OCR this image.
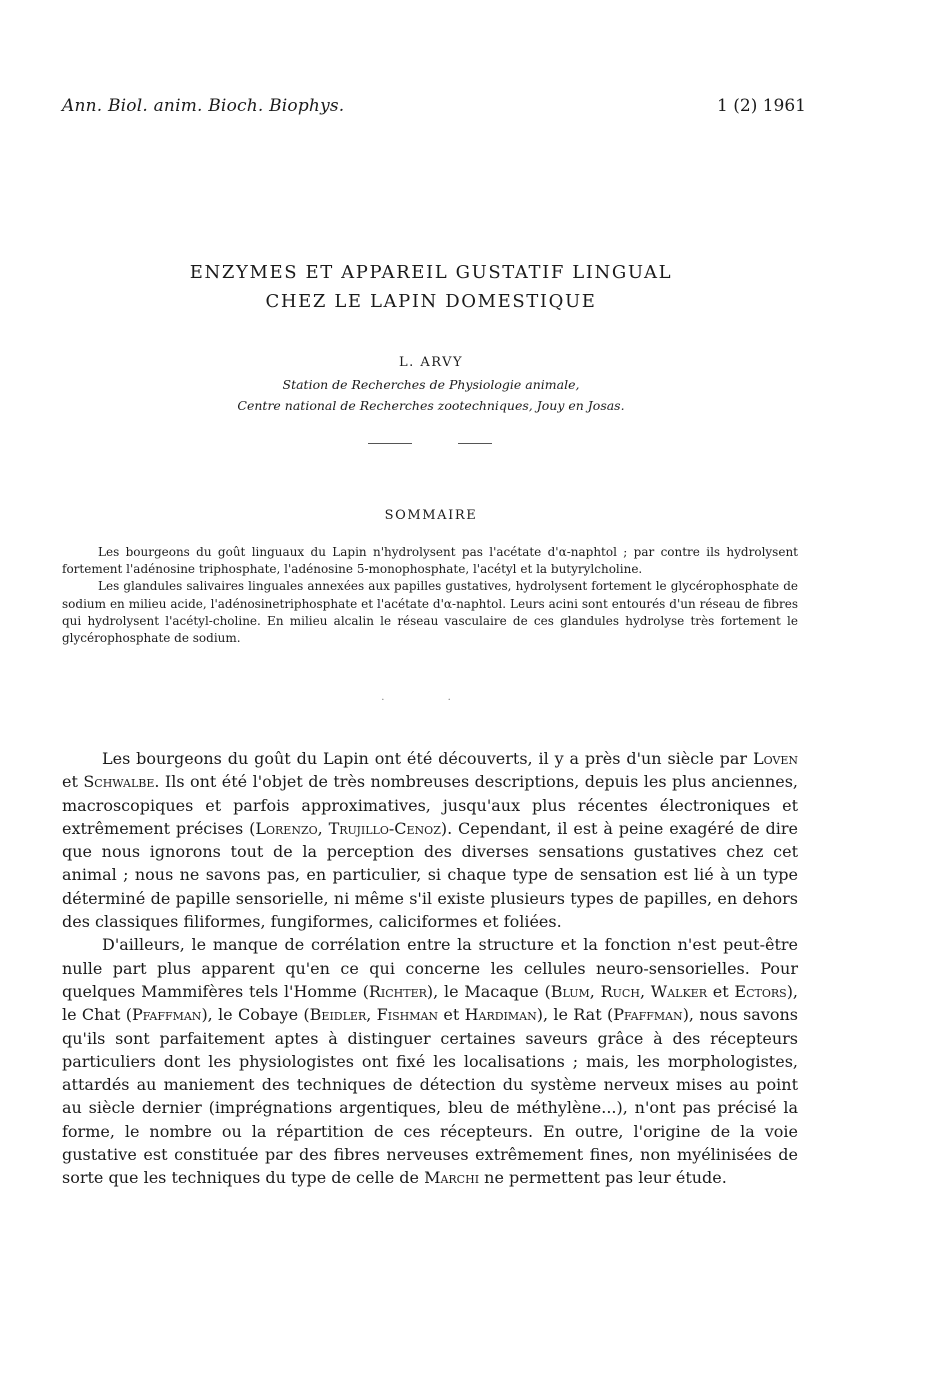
Ann. Biol. anim. Bioch. Biophys.	1 (2) 1961
ENZYMES ET APPAREIL GUSTATIF LINGUAL
CHEZ LE LAPIN DOMESTIQUE
L. ARVY
Station de Recherches de Physiologie animale,
Centre national de Recherches zootechniques, Jouy en Josas.
SOMMAIRE

Les bourgeons du goût linguaux du Lapin n'hydrolysent pas l'acétate d'α-naphtol ; par contre ils hydrolysent fortement l'adénosine triphosphate, l'adénosine 5-monophosphate, l'acétyl et la butyrylcholine.

Les glandules salivaires linguales annexées aux papilles gustatives, hydrolysent fortement le glycérophosphate de sodium en milieu acide, l'adénosinetriphosphate et l'acétate d'α-naphtol. Leurs acini sont entourés d'un réseau de fibres qui hydrolysent l'acétyl-choline. En milieu alcalin le réseau vasculaire de ces glandules hydrolyse très fortement le glycérophosphate de sodium.

. .

Les bourgeons du goût du Lapin ont été découverts, il y a près d'un siècle par Loven et Schwalbe. Ils ont été l'objet de très nombreuses descriptions, depuis les plus anciennes, macroscopiques et parfois approximatives, jusqu'aux plus récentes électroniques et extrêmement précises (Lorenzo, Trujillo-Cenoz). Cependant, il est à peine exagéré de dire que nous ignorons tout de la perception des diverses sensations gustatives chez cet animal ; nous ne savons pas, en particulier, si chaque type de sensation est lié à un type déterminé de papille sensorielle, ni même s'il existe plusieurs types de papilles, en dehors des classiques filiformes, fungiformes, caliciformes et foliées.

D'ailleurs, le manque de corrélation entre la structure et la fonction n'est peut-être nulle part plus apparent qu'en ce qui concerne les cellules neuro-sensorielles. Pour quelques Mammifères tels l'Homme (Richter), le Macaque (Blum, Ruch, Walker et Ectors), le Chat (Pfaffman), le Cobaye (Beidler, Fishman et Hardiman), le Rat (Pfaffman), nous savons qu'ils sont parfaitement aptes à distinguer certaines saveurs grâce à des récepteurs particuliers dont les physiologistes ont fixé les localisations ; mais, les morphologistes, attardés au maniement des techniques de détection du système nerveux mises au point au siècle dernier (imprégnations argentiques, bleu de méthylène...), n'ont pas précisé la forme, le nombre ou la répartition de ces récepteurs. En outre, l'origine de la voie gustative est constituée par des fibres nerveuses extrêmement fines, non myélinisées de sorte que les techniques du type de celle de Marchi ne permettent pas leur étude.
